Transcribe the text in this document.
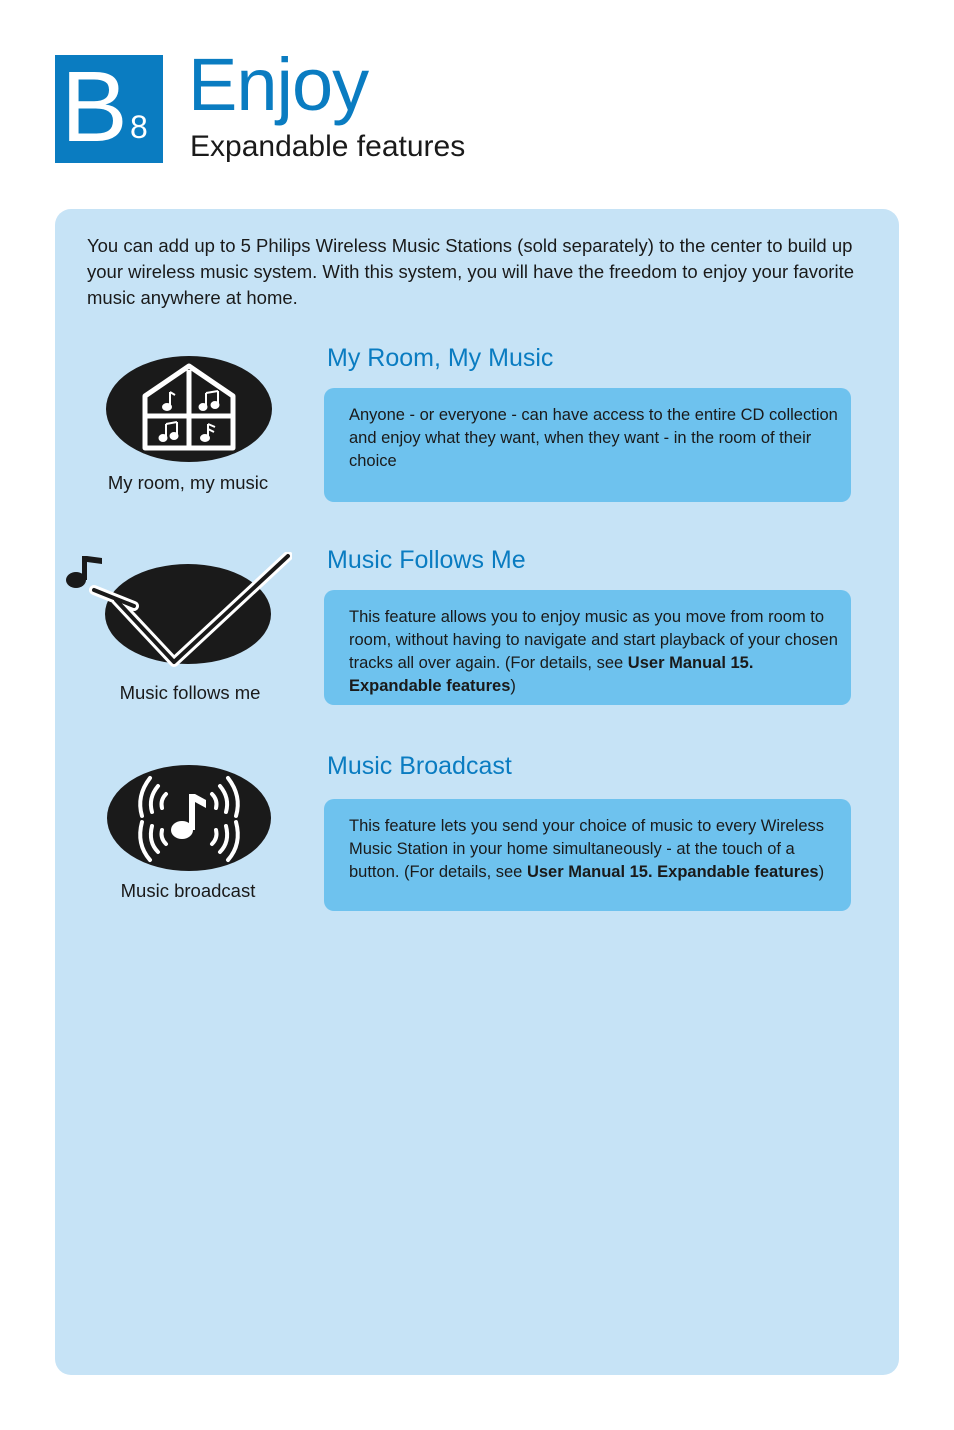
B 8
Enjoy
Expandable features
You can add up to 5 Philips Wireless Music Stations (sold separately) to the center to build up your wireless music system. With this system, you will have the freedom to enjoy your favorite music anywhere at home.
My room, my music
My Room, My Music
Anyone - or everyone - can have access to the entire CD collection and enjoy what they want, when they want - in the room of their choice
Music follows me
Music Follows Me
This feature allows you to enjoy music as you move from room to room, without having to navigate and start playback of your chosen tracks all over again. (For details, see User Manual 15. Expandable features)
Music broadcast
Music Broadcast
This feature lets you send your choice of music to every Wireless Music Station in your home simultaneously - at the touch of a button. (For details, see User Manual 15. Expandable features)
